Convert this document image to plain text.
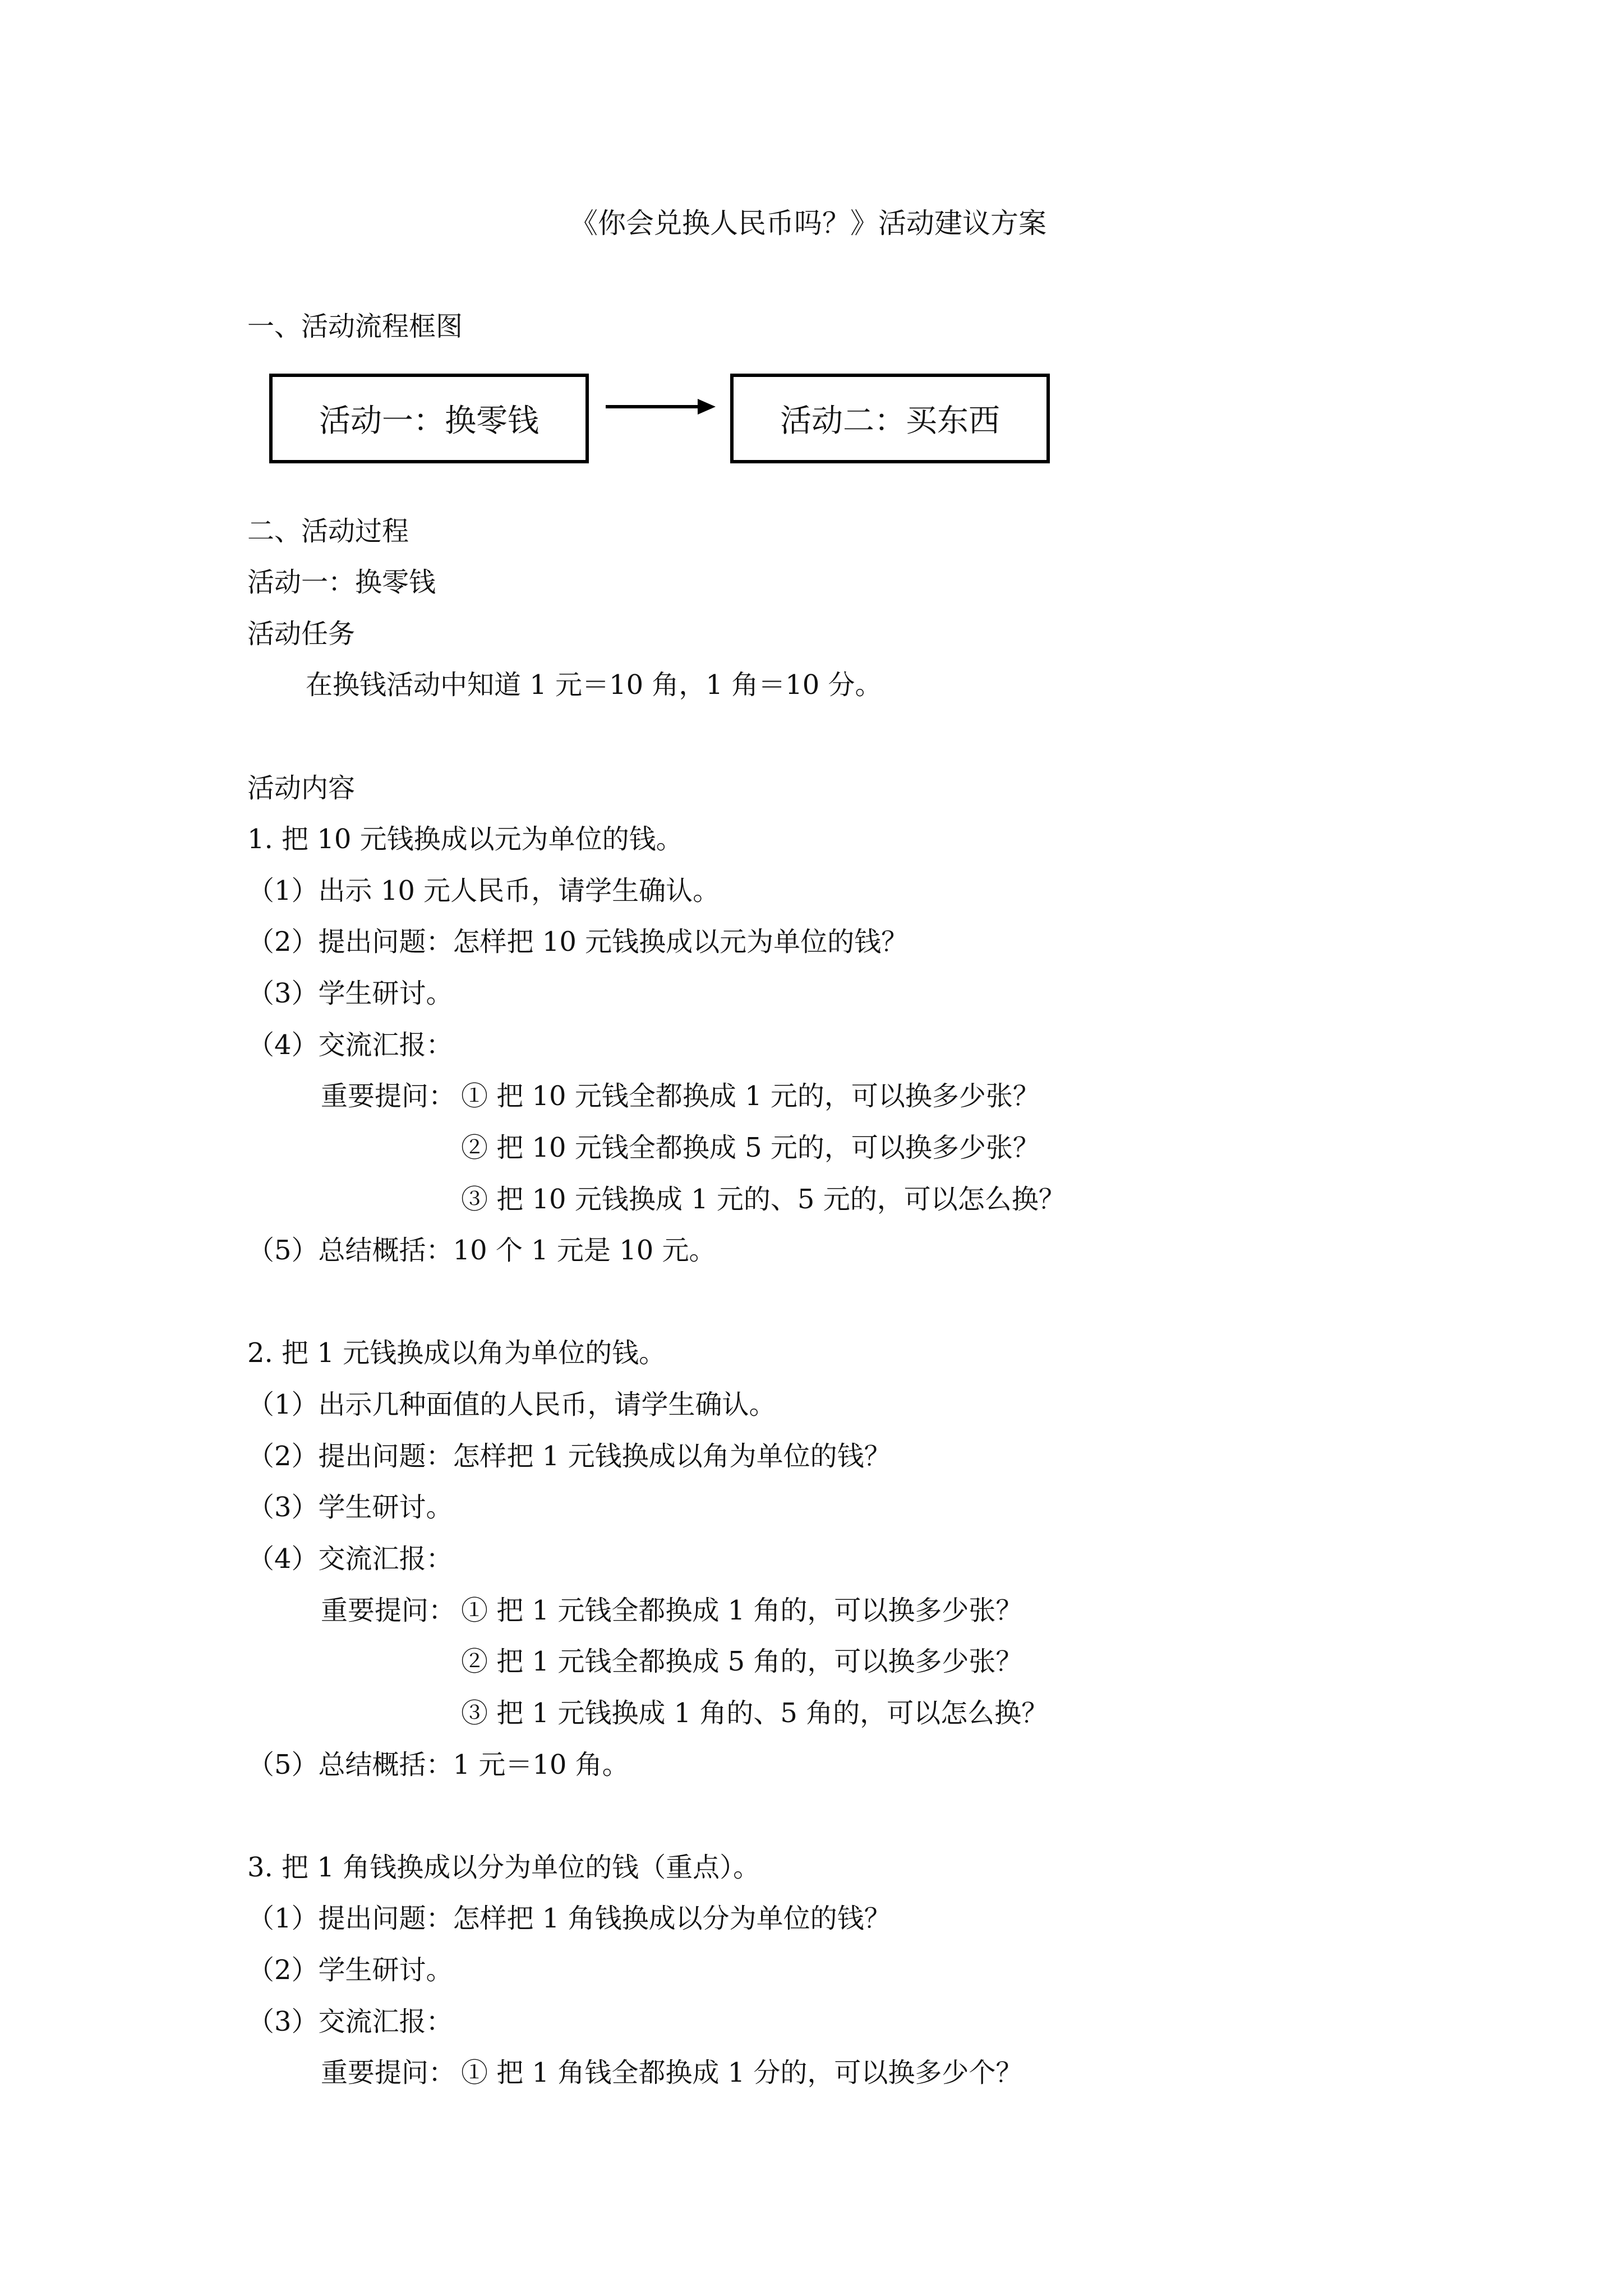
《你会兑换人民币吗？》活动建议方案
一、活动流程框图
活动一：换零钱	活动二：买东西
二、活动过程
活动一：换零钱
活动任务
在换钱活动中知道 1 元＝10 角，1 角＝10 分。
活动内容
1. 把 10 元钱换成以元为单位的钱。
（1）出示 10 元人民币，请学生确认。
（2）提出问题：怎样把 10 元钱换成以元为单位的钱？
（3）学生研讨。
（4）交流汇报：
重要提问： ① 把 10 元钱全都换成 1 元的，可以换多少张？
② 把 10 元钱全都换成 5 元的，可以换多少张？
③ 把 10 元钱换成 1 元的、5 元的，可以怎么换？
（5）总结概括：10 个 1 元是 10 元。
2. 把 1 元钱换成以角为单位的钱。
（1）出示几种面值的人民币，请学生确认。
（2）提出问题：怎样把 1 元钱换成以角为单位的钱？
（3）学生研讨。
（4）交流汇报：
重要提问： ① 把 1 元钱全都换成 1 角的，可以换多少张？
② 把 1 元钱全都换成 5 角的，可以换多少张？
③ 把 1 元钱换成 1 角的、5 角的，可以怎么换？
（5）总结概括：1 元＝10 角。
3. 把 1 角钱换成以分为单位的钱（重点）。
（1）提出问题：怎样把 1 角钱换成以分为单位的钱？
（2）学生研讨。
（3）交流汇报：
重要提问： ① 把 1 角钱全都换成 1 分的，可以换多少个？
